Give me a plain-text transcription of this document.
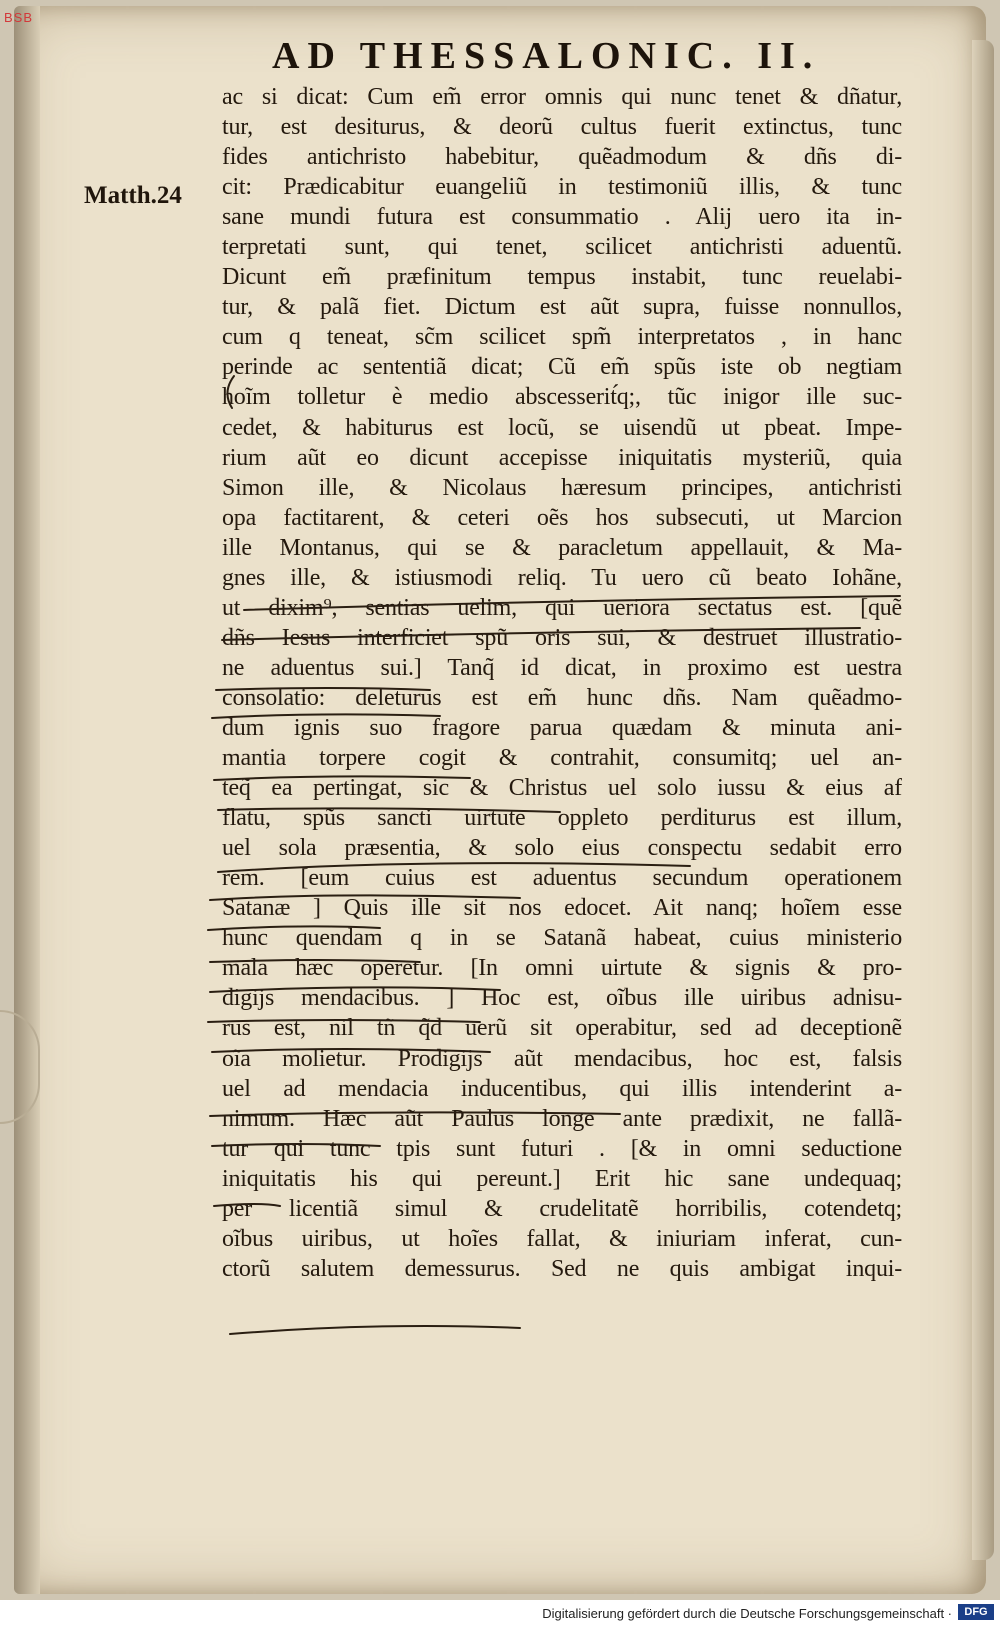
BSB
AD THESSALONIC. II.
Matth.24
ac si dicat: Cum em̃ error omnis qui nunc tenet & dñatur,
tur, est desiturus, & deorũ cultus fuerit extinctus, tunc
fides antichristo habebitur, quẽadmodum & dñs di-
cit: Prædicabitur euangeliũ in testimoniũ illis, & tunc
sane mundi futura est consummatio . Alij uero ita in-
terpretati sunt, qui tenet, scilicet antichristi aduentũ.
Dicunt em̃ præfinitum tempus instabit, tunc reuelabi-
tur, & palã fiet. Dictum est aũt supra, fuisse nonnullos,
cum q teneat, sc̃m scilicet spm̃ interpretatos , in hanc
perinde ac sententiã dicat; Cũ em̃ spũs iste ob negtiam
hoĩm tolletur è medio abscesserit́q;, tũc inigor ille suc-
cedet, & habiturus est locũ, se uisendũ ut pbeat. Impe-
rium aũt eo dicunt accepisse iniquitatis mysteriũ, quia
Simon ille, & Nicolaus hæresum principes, antichristi
opa factitarent, & ceteri oẽs hos subsecuti, ut Marcion
ille Montanus, qui se & paracletum appellauit, & Ma-
gnes ille, & istiusmodi reliq. Tu uero cũ beato Iohãne,
ut dixim⁹, sentias uelim, qui ueriora sectatus est. [quẽ
dñs Iesus interficiet spũ oris sui, & destruet illustratio-
ne aduentus sui.] Tanq̃ id dicat, in proximo est uestra
consolatio: deleturus est em̃ hunc dñs. Nam quẽadmo-
dum ignis suo fragore parua quædam & minuta ani-
mantia torpere cogit & contrahit, consumitq; uel an-
teq̃ ea pertingat, sic & Christus uel solo iussu & eius af
flatu, spũs sancti uirtute oppleto perditurus est illum,
uel sola præsentia, & solo eius conspectu sedabit erro
rem. [eum cuius est aduentus secundum operationem
Satanæ ] Quis ille sit nos edocet. Ait nanq; hoĩem esse
hunc quendam q in se Satanã habeat, cuius ministerio
mala hæc operetur. [In omni uirtute & signis & pro-
digijs mendacibus. ] Hoc est, oĩbus ille uiribus adnisu-
rus est, nil tñ q̃d uerũ sit operabitur, sed ad deceptionẽ
oĩa molietur. Prodigijs aũt mendacibus, hoc est, falsis
uel ad mendacia inducentibus, qui illis intenderint a-
nimum. Hæc aũt Paulus longe ante prædixit, ne fallã-
tur qui tunc tpis sunt futuri . [& in omni seductione
iniquitatis his qui pereunt.] Erit hic sane undequaq;
per licentiã simul & crudelitatẽ horribilis, cotendetq;
oĩbus uiribus, ut hoĩes fallat, & iniuriam inferat, cun-
ctorũ salutem demessurus. Sed ne quis ambigat inqui-
Digitalisierung gefördert durch die Deutsche Forschungsgemeinschaft ·	DFG
